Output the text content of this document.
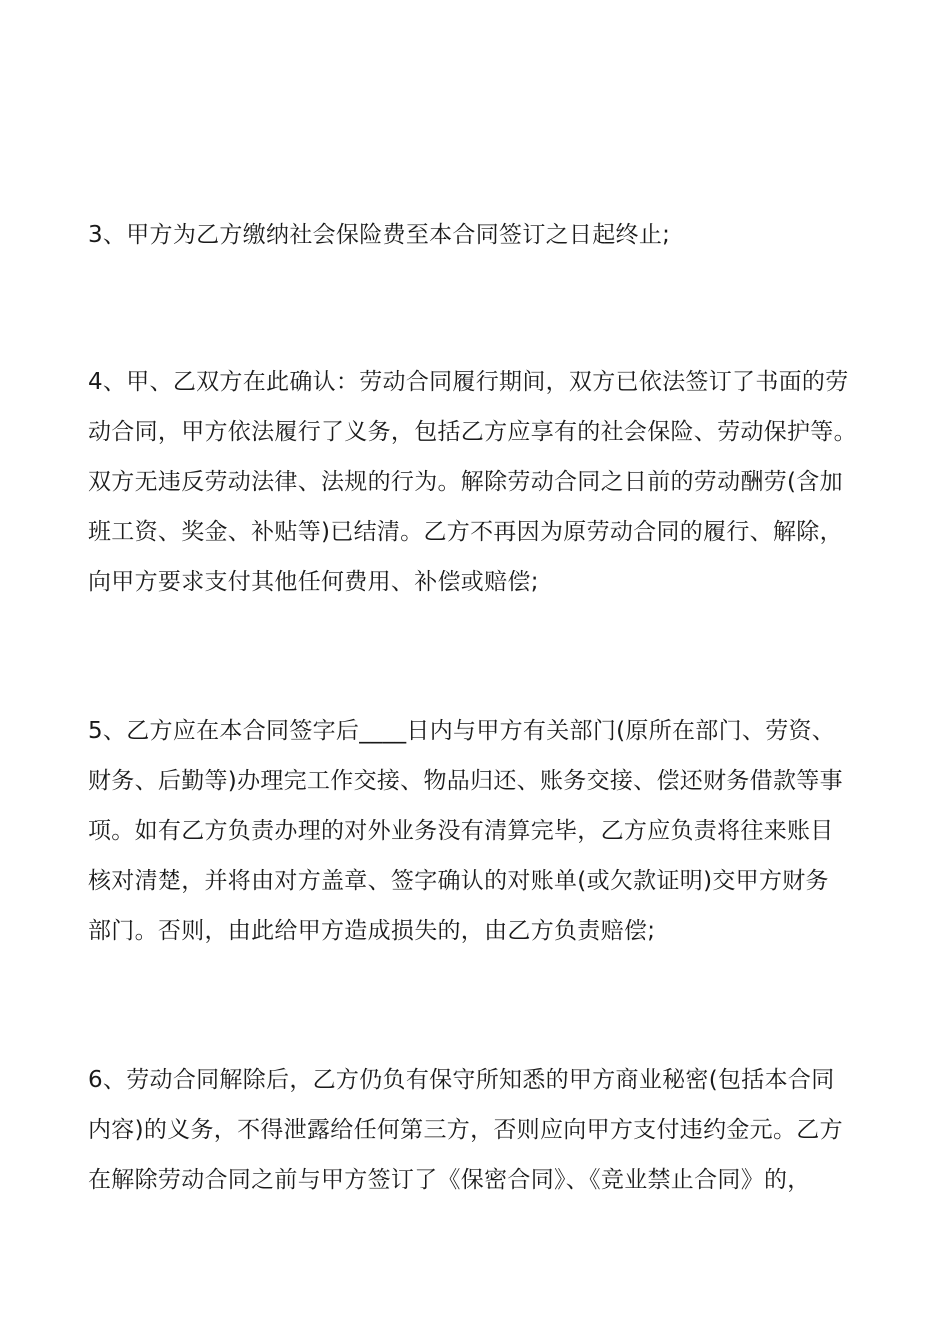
3、甲方为乙方缴纳社会保险费至本合同签订之日起终止;
4、甲、乙双方在此确认：劳动合同履行期间，双方已依法签订了书面的劳
动合同，甲方依法履行了义务，包括乙方应享有的社会保险、劳动保护等。
双方无违反劳动法律、法规的行为。解除劳动合同之日前的劳动酬劳(含加
班工资、奖金、补贴等)已结清。乙方不再因为原劳动合同的履行、解除，
向甲方要求支付其他任何费用、补偿或赔偿;
5、乙方应在本合同签字后____日内与甲方有关部门(原所在部门、劳资、
财务、后勤等)办理完工作交接、物品归还、账务交接、偿还财务借款等事
项。如有乙方负责办理的对外业务没有清算完毕，乙方应负责将往来账目
核对清楚，并将由对方盖章、签字确认的对账单(或欠款证明)交甲方财务
部门。否则，由此给甲方造成损失的，由乙方负责赔偿;
6、劳动合同解除后，乙方仍负有保守所知悉的甲方商业秘密(包括本合同
内容)的义务，不得泄露给任何第三方，否则应向甲方支付违约金元。乙方
在解除劳动合同之前与甲方签订了《保密合同》、《竞业禁止合同》的，
